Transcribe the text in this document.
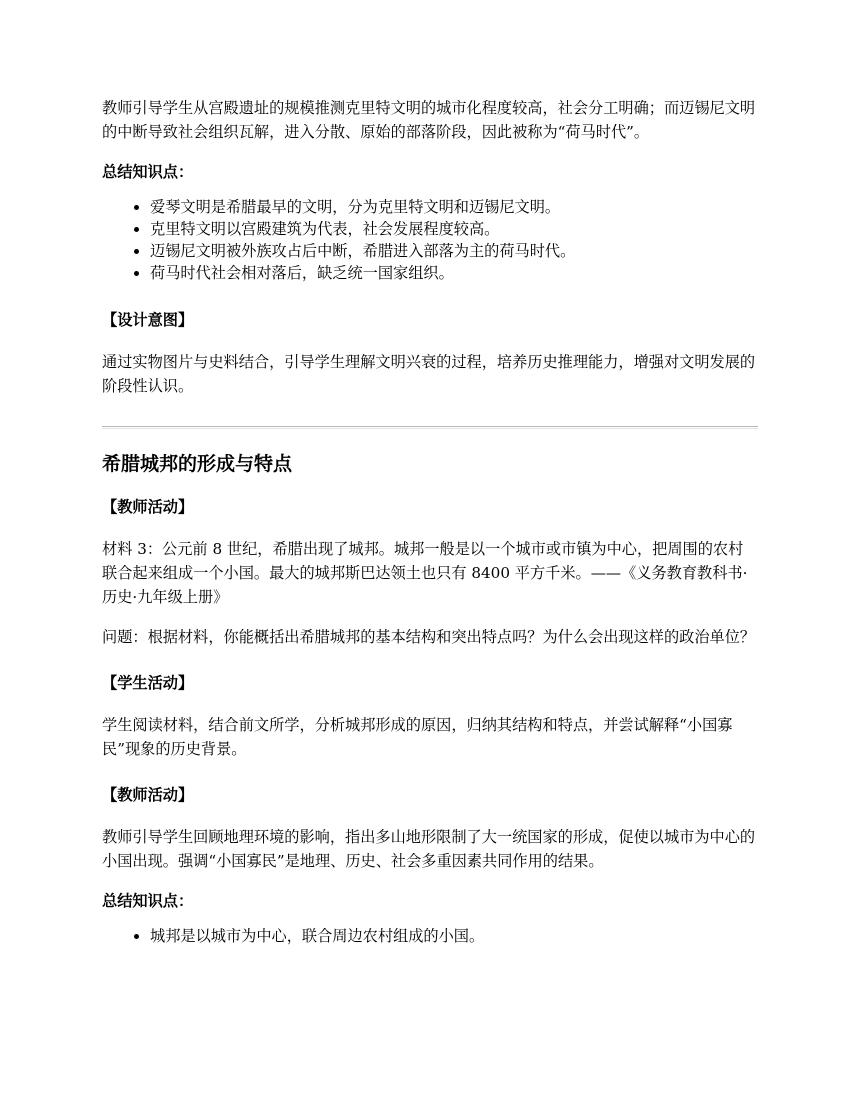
教师引导学生从宫殿遗址的规模推测克里特文明的城市化程度较高，社会分工明确；而迈锡尼文明的中断导致社会组织瓦解，进入分散、原始的部落阶段，因此被称为“荷马时代”。

总结知识点：
• 爱琴文明是希腊最早的文明，分为克里特文明和迈锡尼文明。
• 克里特文明以宫殿建筑为代表，社会发展程度较高。
• 迈锡尼文明被外族攻占后中断，希腊进入部落为主的荷马时代。
• 荷马时代社会相对落后，缺乏统一国家组织。
【设计意图】

通过实物图片与史料结合，引导学生理解文明兴衰的过程，培养历史推理能力，增强对文明发展的阶段性认识。

希腊城邦的形成与特点
【教师活动】

材料 3：公元前 8 世纪，希腊出现了城邦。城邦一般是以一个城市或市镇为中心，把周围的农村联合起来组成一个小国。最大的城邦斯巴达领土也只有 8400 平方千米。——《义务教育教科书·历史·九年级上册》

问题：根据材料，你能概括出希腊城邦的基本结构和突出特点吗？为什么会出现这样的政治单位？

【学生活动】

学生阅读材料，结合前文所学，分析城邦形成的原因，归纳其结构和特点，并尝试解释“小国寡民”现象的历史背景。

【教师活动】

教师引导学生回顾地理环境的影响，指出多山地形限制了大一统国家的形成，促使以城市为中心的小国出现。强调“小国寡民”是地理、历史、社会多重因素共同作用的结果。

总结知识点：
• 城邦是以城市为中心，联合周边农村组成的小国。
